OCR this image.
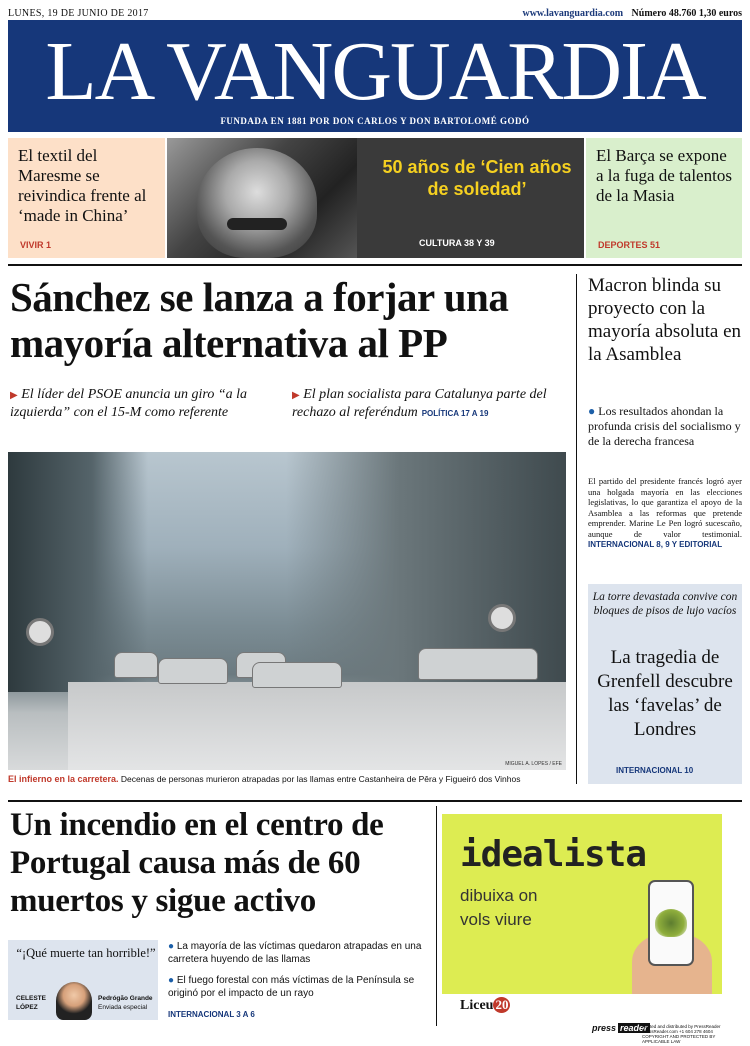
LUNES, 19 DE JUNIO DE 2017	www.lavanguardia.com Número 48.760 1,30 euros
LA VANGUARDIA
FUNDADA EN 1881 POR DON CARLOS Y DON BARTOLOMÉ GODÓ
El textil del Maresme se reivindica frente al ‘made in China’
VIVIR 1
50 años de ‘Cien años de soledad’
CULTURA 38 Y 39
El Barça se expone a la fuga de talentos de la Masia
DEPORTES 51
Sánchez se lanza a forjar una mayoría alternativa al PP
▶ El líder del PSOE anuncia un giro “a la izquierda” con el 15-M como referente
▶ El plan socialista para Catalunya parte del rechazo al referéndum POLÍTICA 17 A 19
MIGUEL A. LOPES / EFE
El infierno en la carretera. Decenas de personas murieron atrapadas por las llamas entre Castanheira de Pêra y Figueiró dos Vinhos
Macron blinda su proyecto con la mayoría absoluta en la Asamblea
● Los resultados ahondan la profunda crisis del socialismo y de la derecha francesa
El partido del presidente francés logró ayer una holgada mayoría en las elecciones legislativas, lo que garantiza el apoyo de la Asamblea a las reformas que pretende emprender. Marine Le Pen logró sucescaño, aunque de valor testimonial. INTERNACIONAL 8, 9 Y EDITORIAL
La torre devastada convive con bloques de pisos de lujo vacíos
La tragedia de Grenfell descubre las ‘favelas’ de Londres
INTERNACIONAL 10
Un incendio en el centro de Portugal causa más de 60 muertos y sigue activo
“¡Qué muerte tan horrible!”
CELESTE
LÓPEZ
Pedrógão Grande
Enviada especial
● La mayoría de las víctimas quedaron atrapadas en una carretera huyendo de las llamas
● El fuego forestal con más víctimas de la Península se originó por el impacto de un rayo
INTERNACIONAL 3 A 6
idealista
dibuixa on
vols viure
Liceu 20
press reader
Printed and distributed by PressReader PressReader.com +1 604 278 4604 COPYRIGHT AND PROTECTED BY APPLICABLE LAW
